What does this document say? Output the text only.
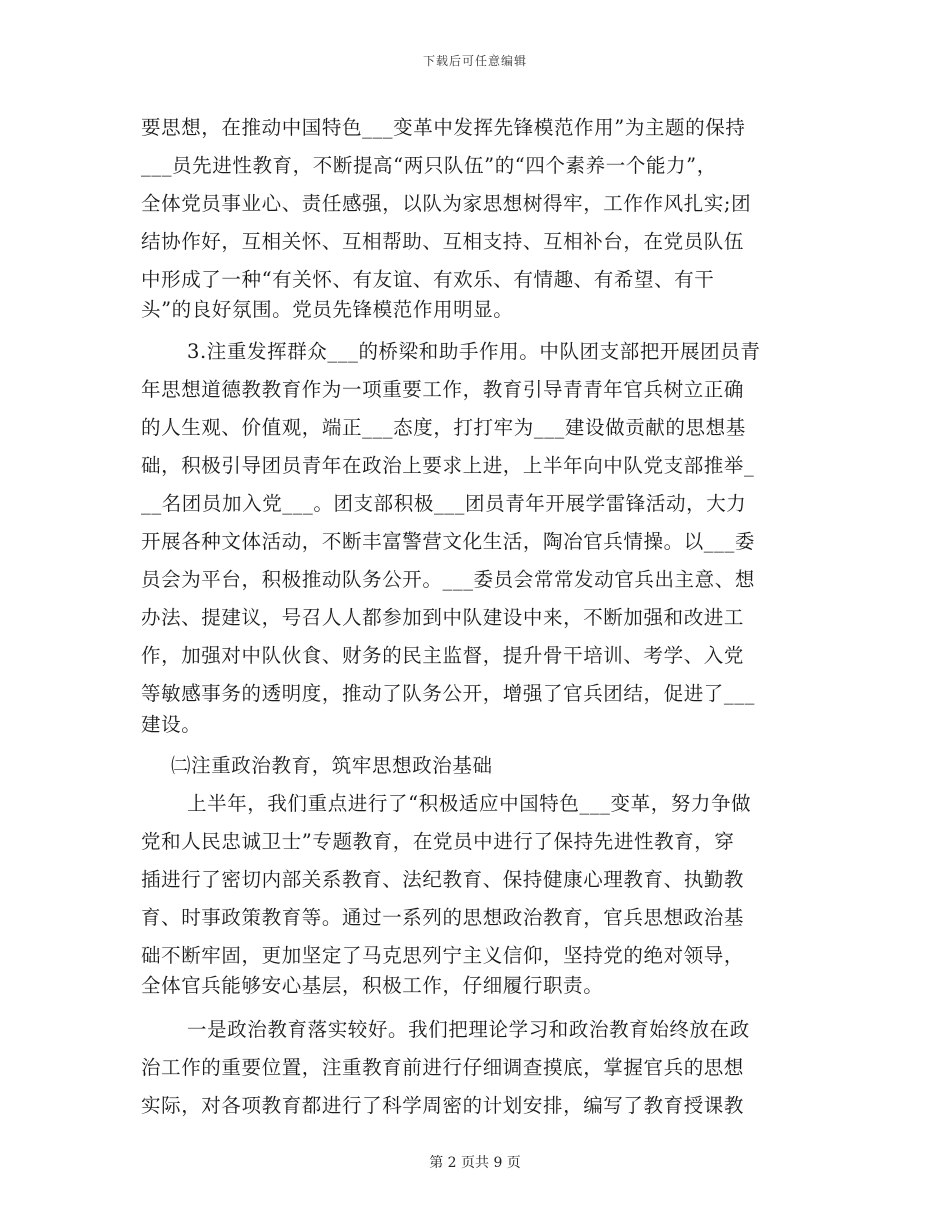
下载后可任意编辑
要思想，在推动中国特色___变革中发挥先锋模范作用”为主题的保持
___员先进性教育，不断提高“两只队伍”的“四个素养一个能力”，
全体党员事业心、责任感强，以队为家思想树得牢，工作作风扎实;团
结协作好，互相关怀、互相帮助、互相支持、互相补台，在党员队伍
中形成了一种“有关怀、有友谊、有欢乐、有情趣、有希望、有干
头”的良好氛围。党员先锋模范作用明显。
3.注重发挥群众___的桥梁和助手作用。中队团支部把开展团员青
年思想道德教教育作为一项重要工作，教育引导青青年官兵树立正确
的人生观、价值观，端正___态度，打打牢为___建设做贡献的思想基
础，积极引导团员青年在政治上要求上进，上半年向中队党支部推举_
__名团员加入党___。团支部积极___团员青年开展学雷锋活动，大力
开展各种文体活动，不断丰富警营文化生活，陶冶官兵情操。以___委
员会为平台，积极推动队务公开。___委员会常常发动官兵出主意、想
办法、提建议，号召人人都参加到中队建设中来，不断加强和改进工
作，加强对中队伙食、财务的民主监督，提升骨干培训、考学、入党
等敏感事务的透明度，推动了队务公开，增强了官兵团结，促进了___
建设。
㈡注重政治教育，筑牢思想政治基础
上半年，我们重点进行了“积极适应中国特色___变革，努力争做
党和人民忠诚卫士”专题教育，在党员中进行了保持先进性教育，穿
插进行了密切内部关系教育、法纪教育、保持健康心理教育、执勤教
育、时事政策教育等。通过一系列的思想政治教育，官兵思想政治基
础不断牢固，更加坚定了马克思列宁主义信仰，坚持党的绝对领导，
全体官兵能够安心基层，积极工作，仔细履行职责。
一是政治教育落实较好。我们把理论学习和政治教育始终放在政
治工作的重要位置，注重教育前进行仔细调查摸底，掌握官兵的思想
实际，对各项教育都进行了科学周密的计划安排，编写了教育授课教
第 2 页共 9 页
